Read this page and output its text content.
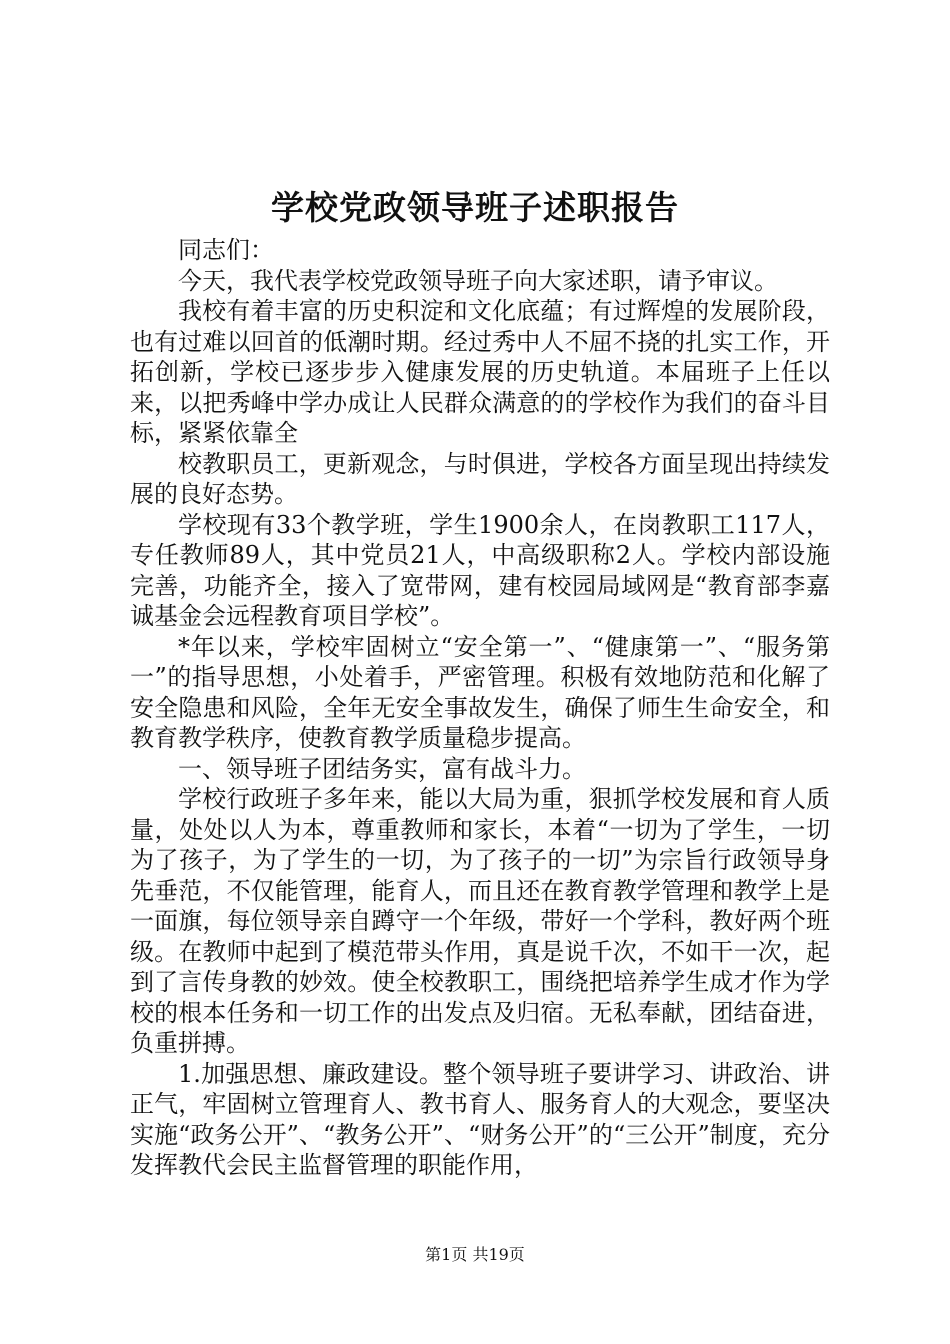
学校党政领导班子述职报告

同志们：

今天，我代表学校党政领导班子向大家述职，请予审议。

我校有着丰富的历史积淀和文化底蕴；有过辉煌的发展阶段，也有过难以回首的低潮时期。经过秀中人不屈不挠的扎实工作，开拓创新，学校已逐步步入健康发展的历史轨道。本届班子上任以来，以把秀峰中学办成让人民群众满意的的学校作为我们的奋斗目标，紧紧依靠全

校教职员工，更新观念，与时俱进，学校各方面呈现出持续发展的良好态势。

学校现有33个教学班，学生1900余人，在岗教职工117人，专任教师89人，其中党员21人，中高级职称2人。学校内部设施完善，功能齐全，接入了宽带网，建有校园局域网是“教育部李嘉诚基金会远程教育项目学校”。

*年以来，学校牢固树立“安全第一”、“健康第一”、“服务第一”的指导思想，小处着手，严密管理。积极有效地防范和化解了安全隐患和风险，全年无安全事故发生，确保了师生生命安全，和教育教学秩序，使教育教学质量稳步提高。

一、领导班子团结务实，富有战斗力。

学校行政班子多年来，能以大局为重，狠抓学校发展和育人质量，处处以人为本，尊重教师和家长，本着“一切为了学生，一切为了孩子，为了学生的一切，为了孩子的一切”为宗旨行政领导身先垂范，不仅能管理，能育人，而且还在教育教学管理和教学上是一面旗，每位领导亲自蹲守一个年级，带好一个学科，教好两个班级。在教师中起到了模范带头作用，真是说千次，不如干一次，起到了言传身教的妙效。使全校教职工，围绕把培养学生成才作为学校的根本任务和一切工作的出发点及归宿。无私奉献，团结奋进，负重拼搏。

1.加强思想、廉政建设。整个领导班子要讲学习、讲政治、讲正气，牢固树立管理育人、教书育人、服务育人的大观念，要坚决实施“政务公开”、“教务公开”、“财务公开”的“三公开”制度，充分发挥教代会民主监督管理的职能作用，

第1页 共19页
